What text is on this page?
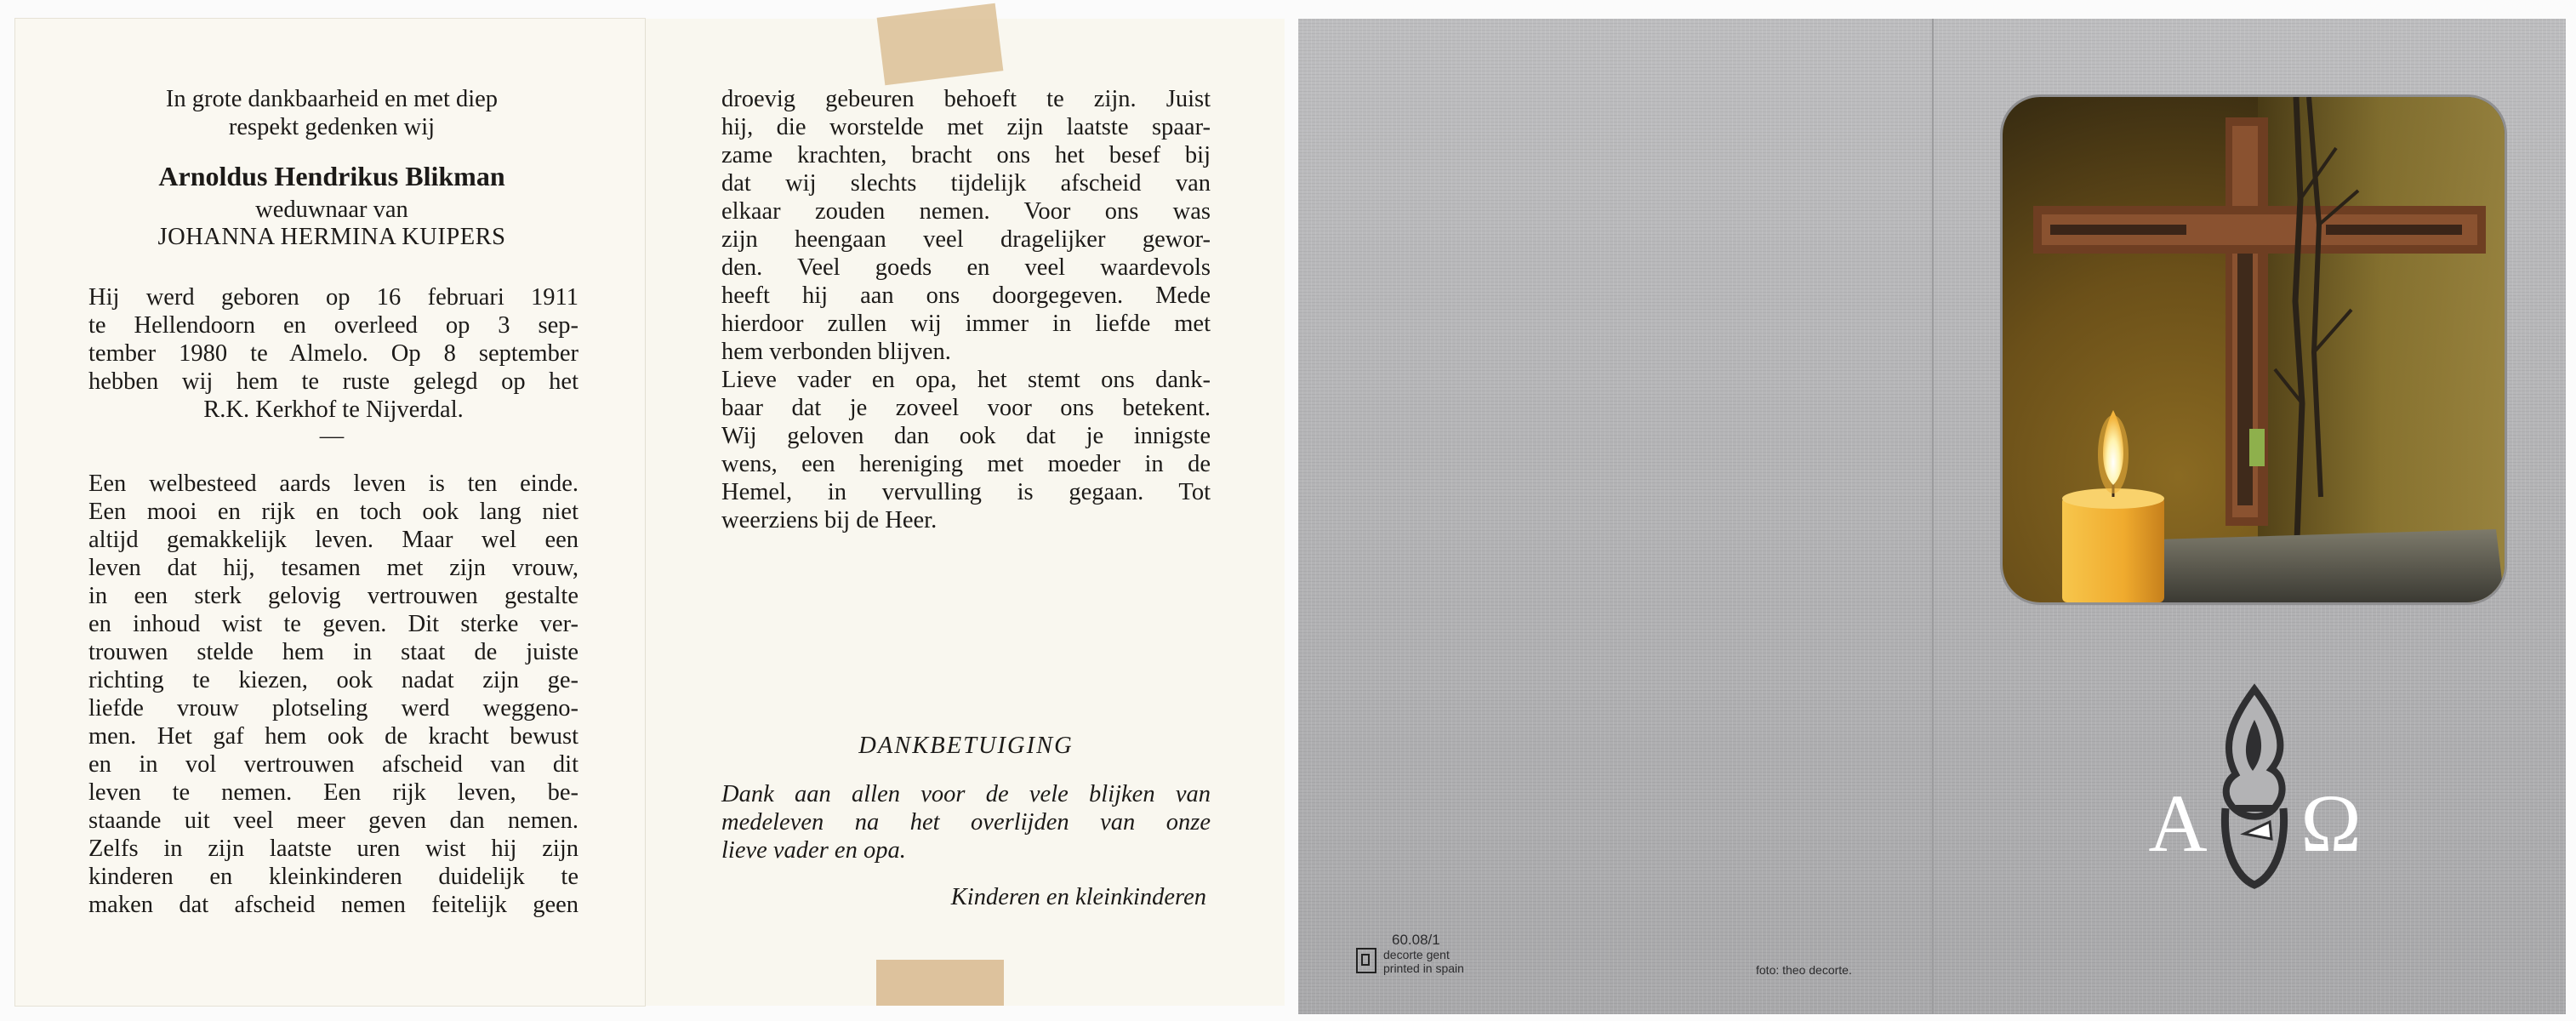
In grote dankbaarheid en met diep
respekt gedenken wij
Arnoldus Hendrikus Blikman
weduwnaar van
JOHANNA HERMINA KUIPERS
Hij werd geboren op 16 februari 1911
te Hellendoorn en overleed op 3 sep-
tember 1980 te Almelo. Op 8 september
hebben wij hem te ruste gelegd op het
R.K. Kerkhof te Nijverdal.
—
Een welbesteed aards leven is ten einde.
Een mooi en rijk en toch ook lang niet
altijd gemakkelijk leven. Maar wel een
leven dat hij, tesamen met zijn vrouw,
in een sterk gelovig vertrouwen gestalte
en inhoud wist te geven. Dit sterke ver-
trouwen stelde hem in staat de juiste
richting te kiezen, ook nadat zijn ge-
liefde vrouw plotseling werd weggeno-
men. Het gaf hem ook de kracht bewust
en in vol vertrouwen afscheid van dit
leven te nemen. Een rijk leven, be-
staande uit veel meer geven dan nemen.
Zelfs in zijn laatste uren wist hij zijn
kinderen en kleinkinderen duidelijk te
maken dat afscheid nemen feitelijk geen
droevig gebeuren behoeft te zijn. Juist
hij, die worstelde met zijn laatste spaar-
zame krachten, bracht ons het besef bij
dat wij slechts tijdelijk afscheid van
elkaar zouden nemen. Voor ons was
zijn heengaan veel dragelijker gewor-
den. Veel goeds en veel waardevols
heeft hij aan ons doorgegeven. Mede
hierdoor zullen wij immer in liefde met
hem verbonden blijven.
Lieve vader en opa, het stemt ons dank-
baar dat je zoveel voor ons betekent.
Wij geloven dan ook dat je innigste
wens, een hereniging met moeder in de
Hemel, in vervulling is gegaan. Tot
weerziens bij de Heer.
DANKBETUIGING
Dank aan allen voor de vele blijken van
medeleven na het overlijden van onze
lieve vader en opa.
Kinderen en kleinkinderen
60.08/1
decorte gent
printed in spain	foto: theo decorte.
Α Ω
